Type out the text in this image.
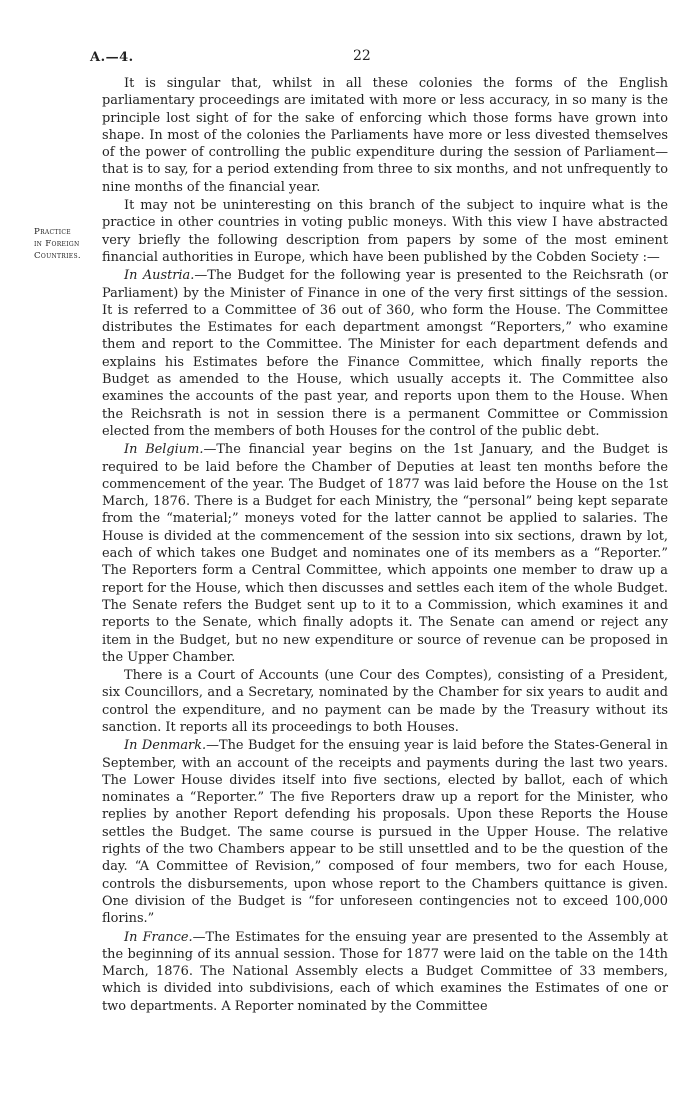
A.—4.	22
Practice
in Foreign
Countries.

It is singular that, whilst in all these colonies the forms of the English parliamentary proceedings are imitated with more or less accuracy, in so many is the principle lost sight of for the sake of enforcing which those forms have grown into shape. In most of the colonies the Parliaments have more or less divested themselves of the power of controlling the public expenditure during the session of Parliament—that is to say, for a period extending from three to six months, and not unfrequently to nine months of the financial year.

It may not be uninteresting on this branch of the subject to inquire what is the practice in other countries in voting public moneys. With this view I have abstracted very briefly the following description from papers by some of the most eminent financial authorities in Europe, which have been published by the Cobden Society :—

In Austria.—The Budget for the following year is presented to the Reichsrath (or Parliament) by the Minister of Finance in one of the very first sittings of the session. It is referred to a Committee of 36 out of 360, who form the House. The Committee distributes the Estimates for each department amongst “Reporters,” who examine them and report to the Committee. The Minister for each department defends and explains his Estimates before the Finance Committee, which finally reports the Budget as amended to the House, which usually accepts it. The Committee also examines the accounts of the past year, and reports upon them to the House. When the Reichsrath is not in session there is a permanent Committee or Commission elected from the members of both Houses for the control of the public debt.

In Belgium.—The financial year begins on the 1st January, and the Budget is required to be laid before the Chamber of Deputies at least ten months before the commencement of the year. The Budget of 1877 was laid before the House on the 1st March, 1876. There is a Budget for each Ministry, the “personal” being kept separate from the “material;” moneys voted for the latter cannot be applied to salaries. The House is divided at the commencement of the session into six sections, drawn by lot, each of which takes one Budget and nominates one of its members as a “Reporter.” The Reporters form a Central Committee, which appoints one member to draw up a report for the House, which then discusses and settles each item of the whole Budget. The Senate refers the Budget sent up to it to a Commission, which examines it and reports to the Senate, which finally adopts it. The Senate can amend or reject any item in the Budget, but no new expenditure or source of revenue can be proposed in the Upper Chamber.

There is a Court of Accounts (une Cour des Comptes), consisting of a President, six Councillors, and a Secretary, nominated by the Chamber for six years to audit and control the expenditure, and no payment can be made by the Treasury without its sanction. It reports all its proceedings to both Houses.

In Denmark.—The Budget for the ensuing year is laid before the States-General in September, with an account of the receipts and payments during the last two years. The Lower House divides itself into five sections, elected by ballot, each of which nominates a “Reporter.” The five Reporters draw up a report for the Minister, who replies by another Report defending his proposals. Upon these Reports the House settles the Budget. The same course is pursued in the Upper House. The relative rights of the two Chambers appear to be still unsettled and to be the question of the day. “A Committee of Revision,” composed of four members, two for each House, controls the disbursements, upon whose report to the Chambers quittance is given. One division of the Budget is “for unforeseen contingencies not to exceed 100,000 florins.”

In France.—The Estimates for the ensuing year are presented to the Assembly at the beginning of its annual session. Those for 1877 were laid on the table on the 14th March, 1876. The National Assembly elects a Budget Committee of 33 members, which is divided into subdivisions, each of which examines the Estimates of one or two departments. A Reporter nominated by the Committee
